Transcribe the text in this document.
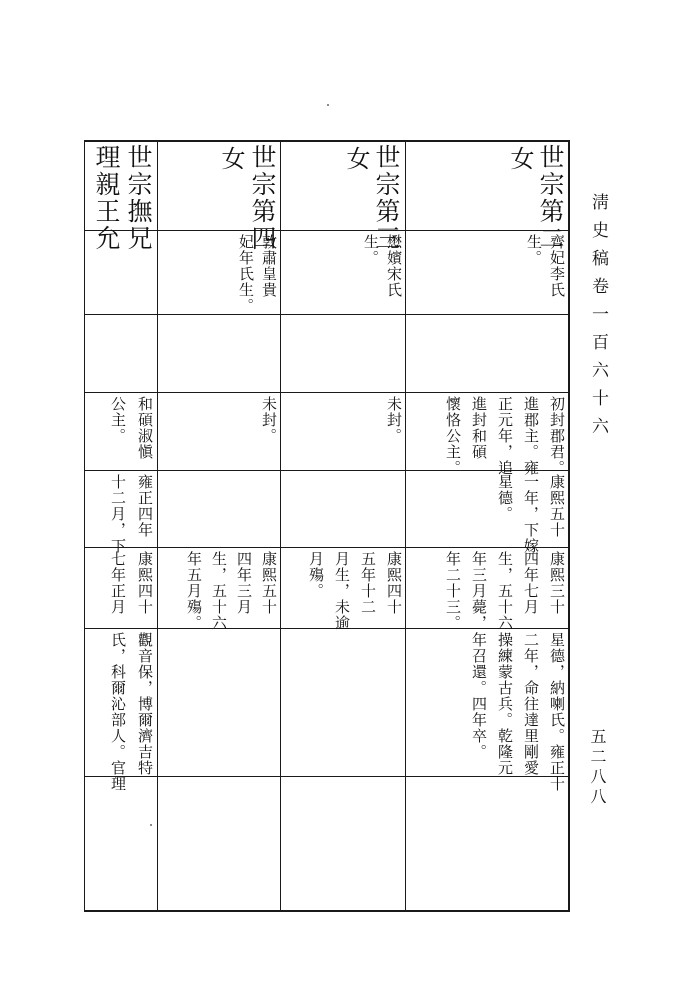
淸史稿卷一百六十六
五二八八
世宗第二
女
齊妃李氏
生。
初封郡君。
進郡主。雍
正元年，追
進封和碩
懷恪公主。
康熙五十
一年，下嫁
星德。
康熙三十
四年七月
生，五十六
年三月薨，
年二十三。
星德，納喇氏。雍正十
二年，命往達里剛愛
操練蒙古兵。乾隆元
年召還。四年卒。
世宗第三
女
懋嬪宋氏
生。
未封。
康熙四十
五年十二
月生，未逾
月殤。
世宗第四
女
敦肅皇貴
妃年氏生。
未封。
康熙五十
四年三月
生，五十六
年五月殤。
世宗撫兄
理親王允
和碩淑愼
公主。
雍正四年
十二月，下
康熙四十
七年正月
觀音保，博爾濟吉特
氏，科爾沁部人。官理
